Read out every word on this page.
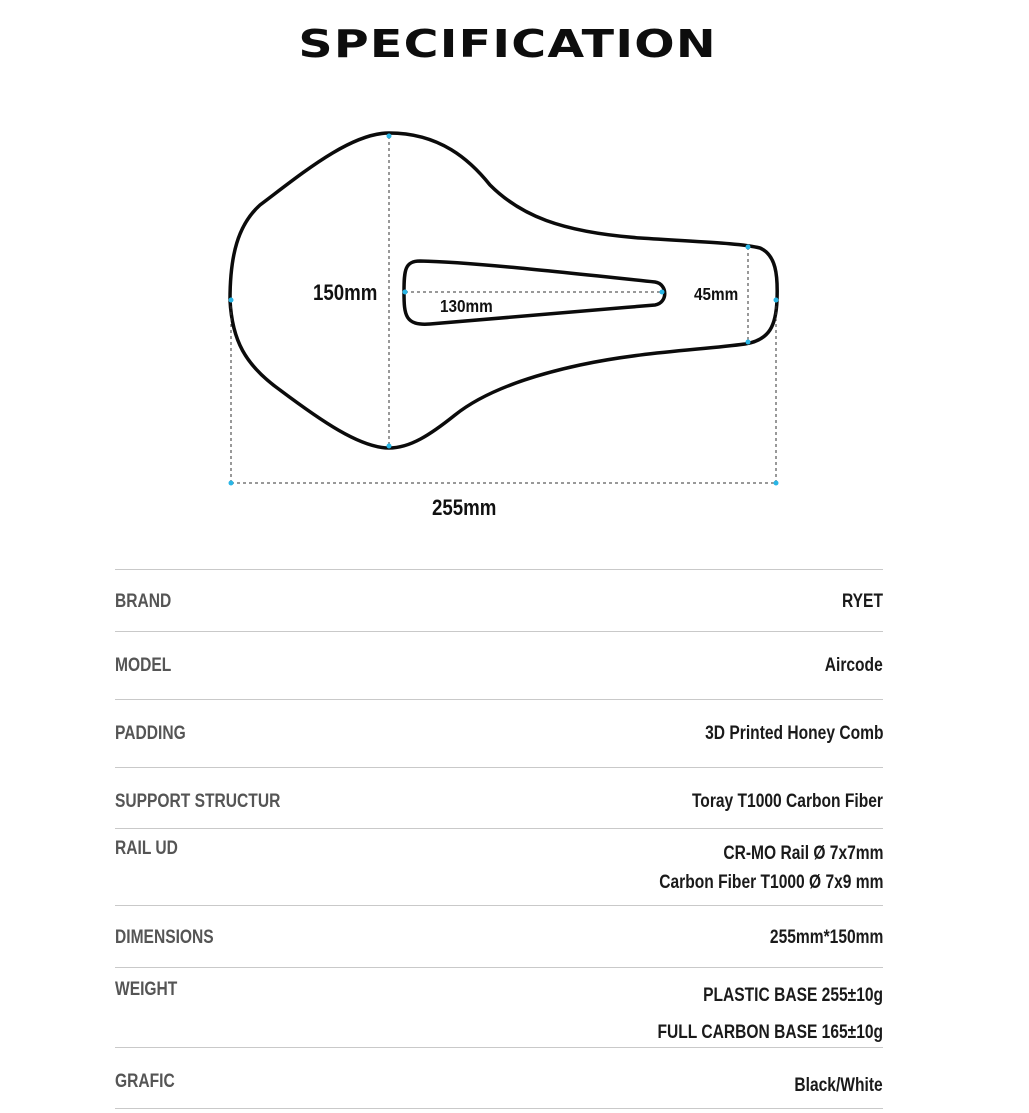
SPECIFICATION
150mm
130mm
45mm
255mm
BRAND	RYET
MODEL	Aircode
PADDING	3D Printed Honey Comb
SUPPORT STRUCTUR	Toray T1000 Carbon Fiber
RAIL UD	CR-MO Rail Ø 7x7mm
Carbon Fiber T1000 Ø 7x9 mm
DIMENSIONS	255mm*150mm
WEIGHT	PLASTIC BASE 255±10g
FULL CARBON BASE 165±10g
GRAFIC	Black/White
